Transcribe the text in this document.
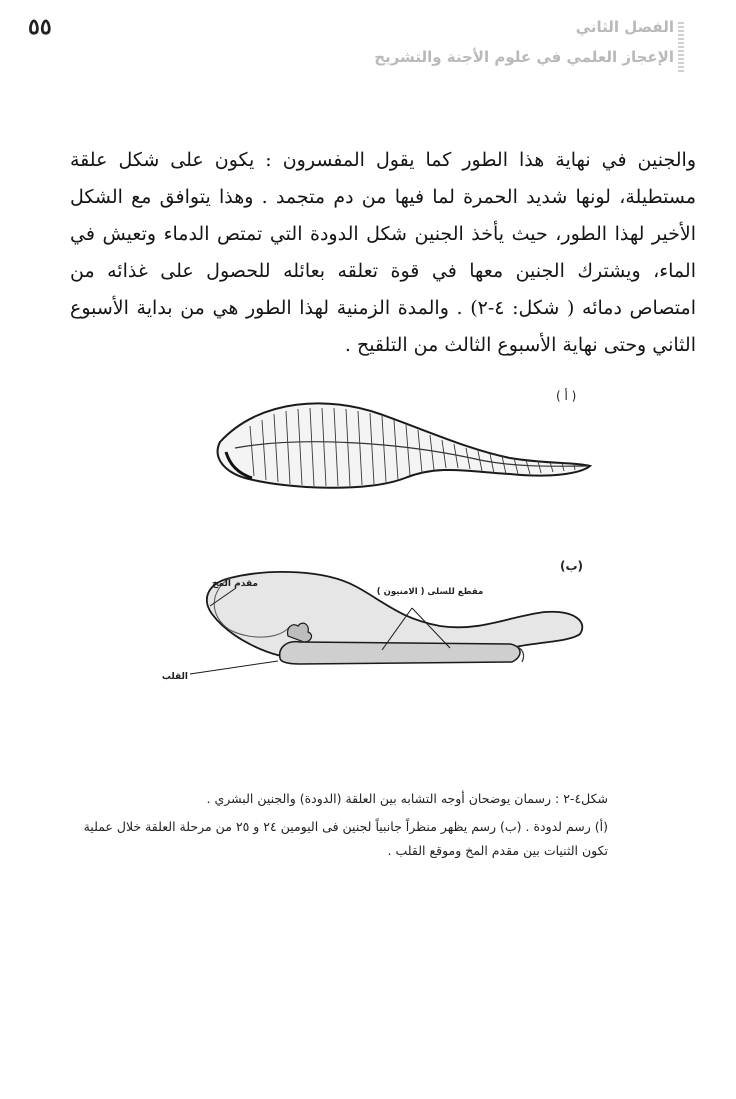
٥٥	الفصل الثاني
الإعجاز العلمي في علوم الأجنة والتشريح
والجنين في نهاية هذا الطور كما يقول المفسرون : يكون على شكل علقة مستطيلة، لونها شديد الحمرة لما فيها من دم متجمد . وهذا يتوافق مع الشكل الأخير لهذا الطور، حيث يأخذ الجنين شكل الدودة التي تمتص الدماء وتعيش في الماء، ويشترك الجنين معها في قوة تعلقه بعائله للحصول على غذائه من امتصاص دمائه ( شكل: ٤-٢) . والمدة الزمنية لهذا الطور هي من بداية الأسبوع الثاني وحتى نهاية الأسبوع الثالث من التلقيح .
( أ )
(ب)
مقدم المخ
مقطع للسلى ( الامنيون )
القلب

شكل٤-٢ : رسمان يوضحان أوجه التشابه بين العلقة (الدودة) والجنين البشري .

(أ) رسم لدودة . (ب) رسم يظهر منظراً جانبياً لجنين فى اليومين ٢٤ و ٢٥ من مرحلة العلقة خلال عملية تكون الثنيات بين مقدم المخ وموقع القلب .
